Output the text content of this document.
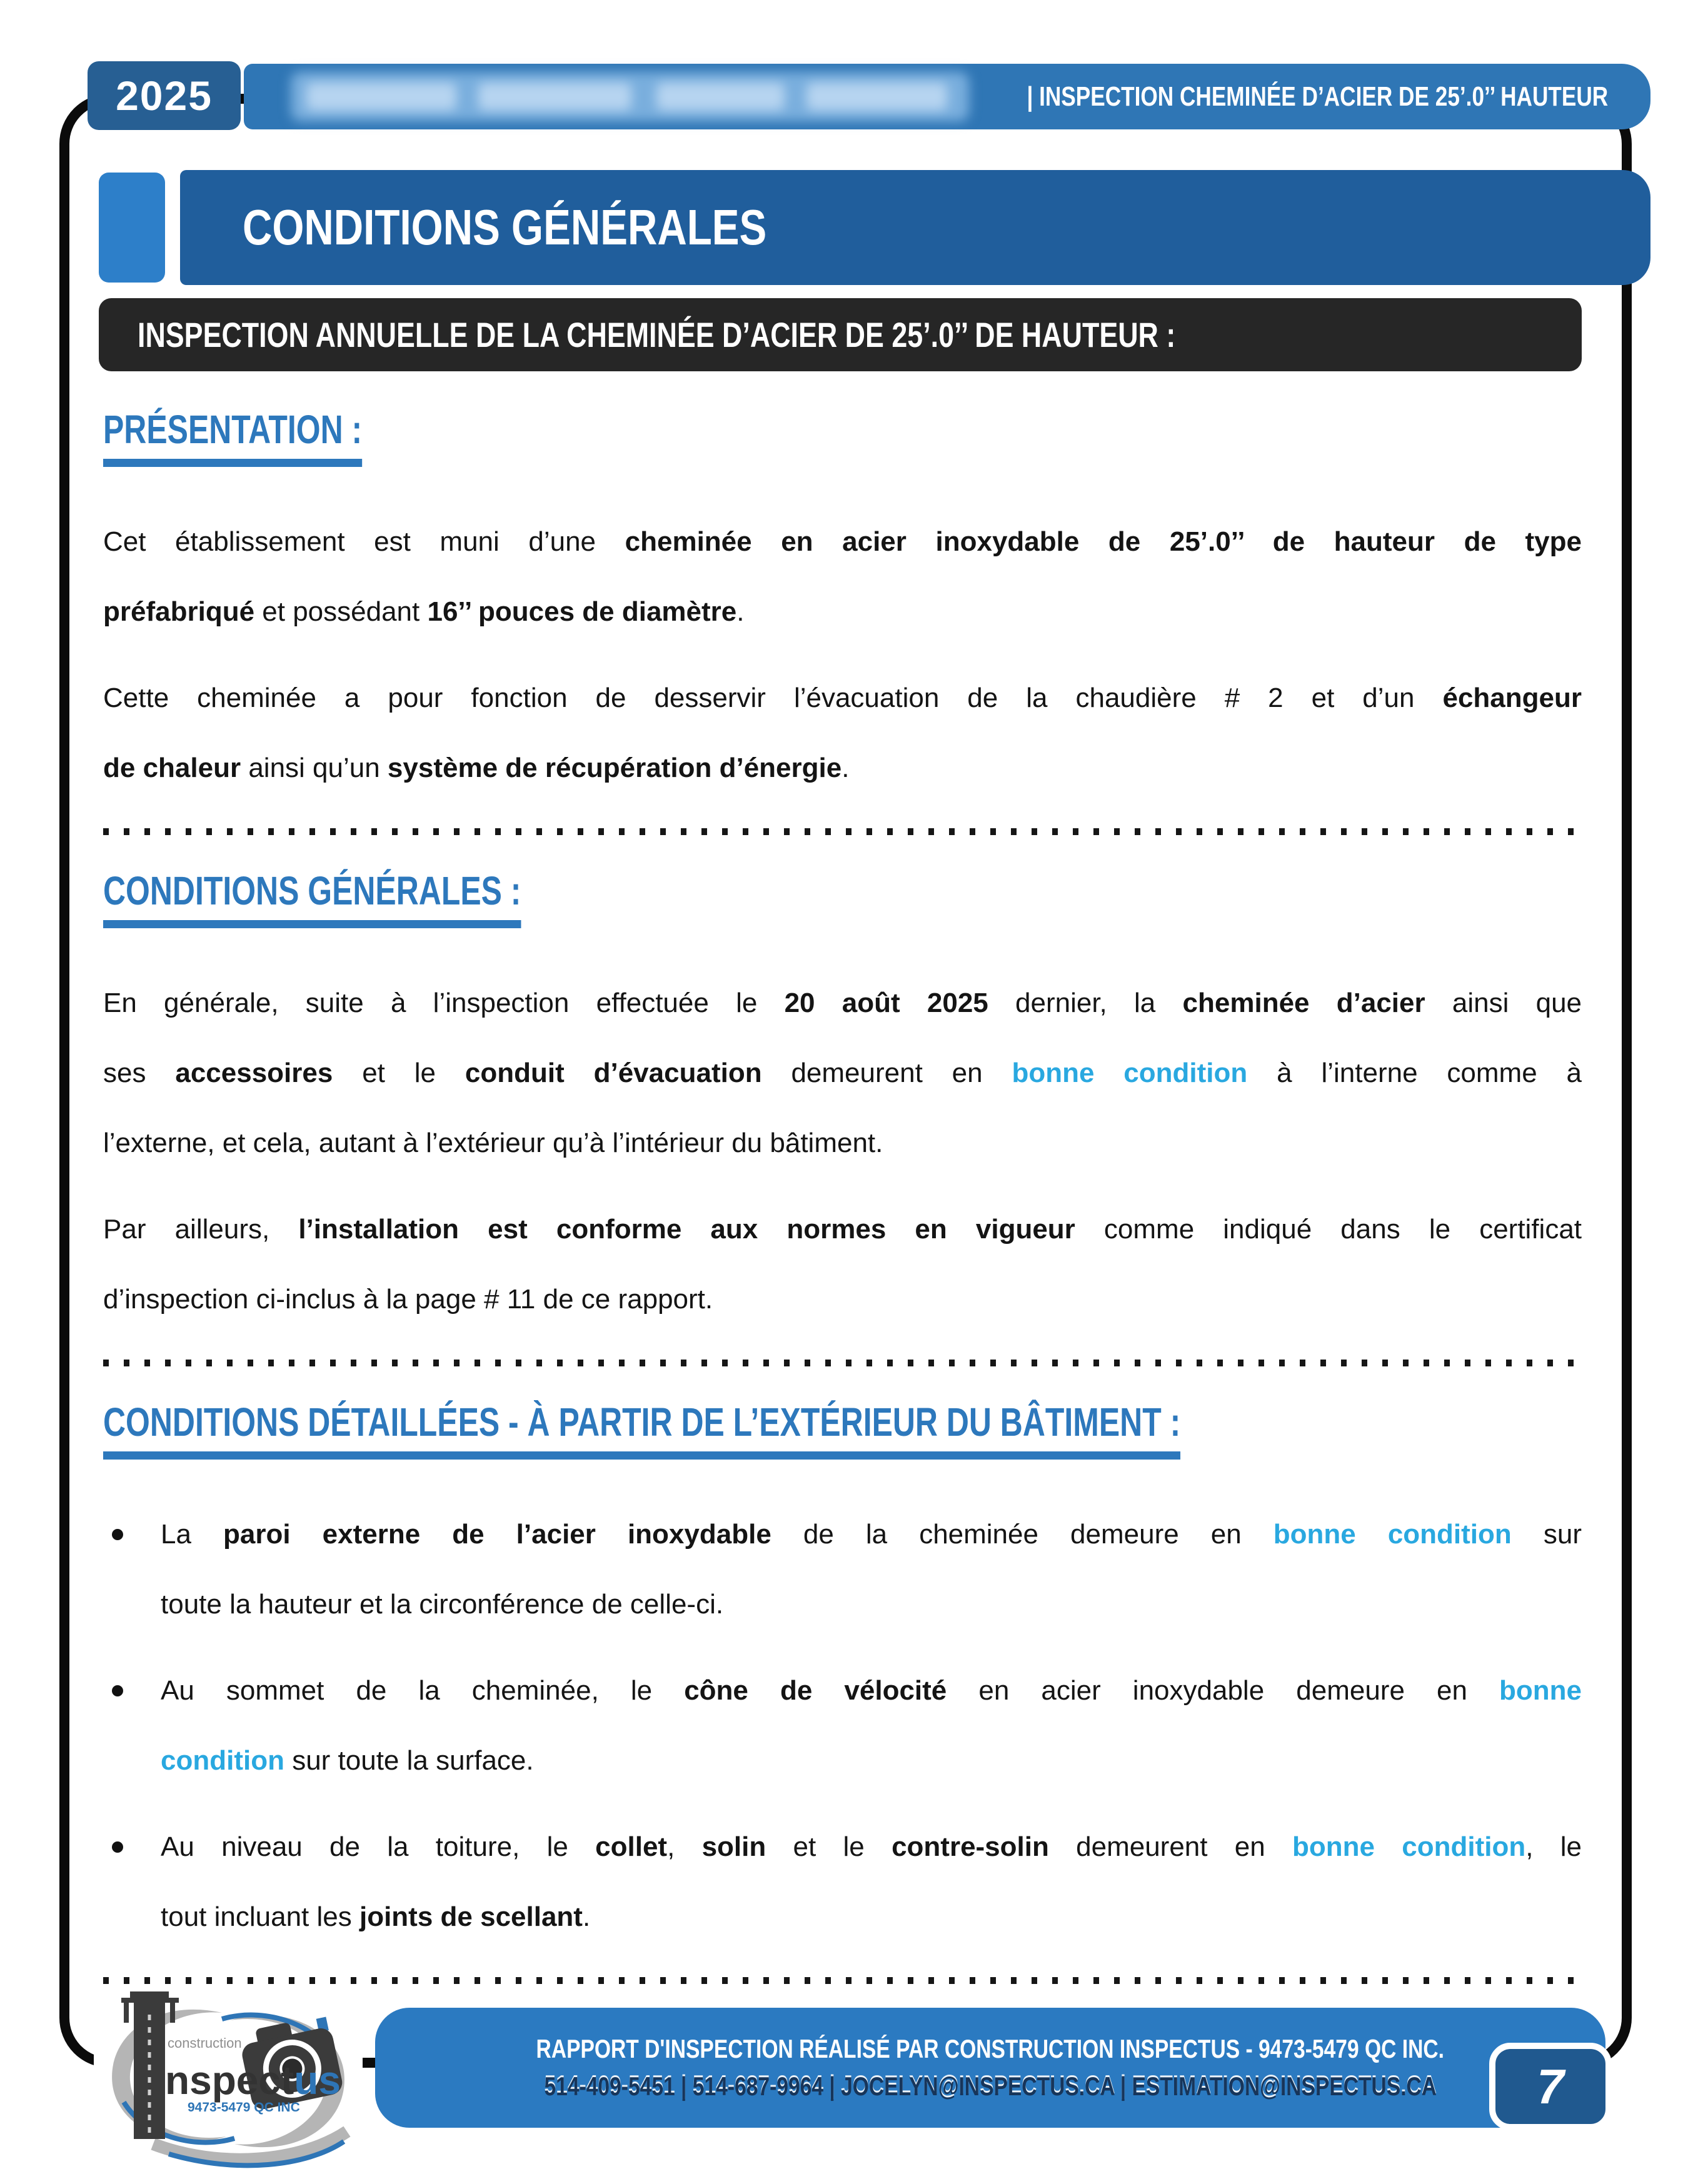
2025	| INSPECTION CHEMINÉE D’ACIER DE 25’.0’’ HAUTEUR
CONDITIONS GÉNÉRALES
INSPECTION ANNUELLE DE LA CHEMINÉE D’ACIER DE 25’.0’’ DE HAUTEUR :
PRÉSENTATION :
Cet établissement est muni d’une cheminée en acier inoxydable de 25’.0’’ de hauteur de type
préfabriqué et possédant 16’’ pouces de diamètre.
Cette cheminée a pour fonction de desservir l’évacuation de la chaudière # 2 et d’un échangeur
de chaleur ainsi qu’un système de récupération d’énergie.
CONDITIONS GÉNÉRALES :
En générale, suite à l’inspection effectuée le 20 août 2025 dernier, la cheminée d’acier ainsi que
ses accessoires et le conduit d’évacuation demeurent en bonne condition à l’interne comme à
l’externe, et cela, autant à l’extérieur qu’à l’intérieur du bâtiment.
Par ailleurs, l’installation est conforme aux normes en vigueur comme indiqué dans le certificat
d’inspection ci-inclus à la page # 11 de ce rapport.
CONDITIONS DÉTAILLÉES - À PARTIR DE L’EXTÉRIEUR DU BÂTIMENT :
La paroi externe de l’acier inoxydable de la cheminée demeure en bonne condition sur
toute la hauteur et la circonférence de celle-ci.
Au sommet de la cheminée, le cône de vélocité en acier inoxydable demeure en bonne
condition sur toute la surface.
Au niveau de la toiture, le collet, solin et le contre-solin demeurent en bonne condition, le
tout incluant les joints de scellant.
construction
nspectus
9473-5479 QC INC
RAPPORT D'INSPECTION RÉALISÉ PAR CONSTRUCTION INSPECTUS - 9473-5479 QC INC.
514-409-5451 | 514-687-9964 | JOCELYN@INSPECTUS.CA | ESTIMATION@INSPECTUS.CA 7
